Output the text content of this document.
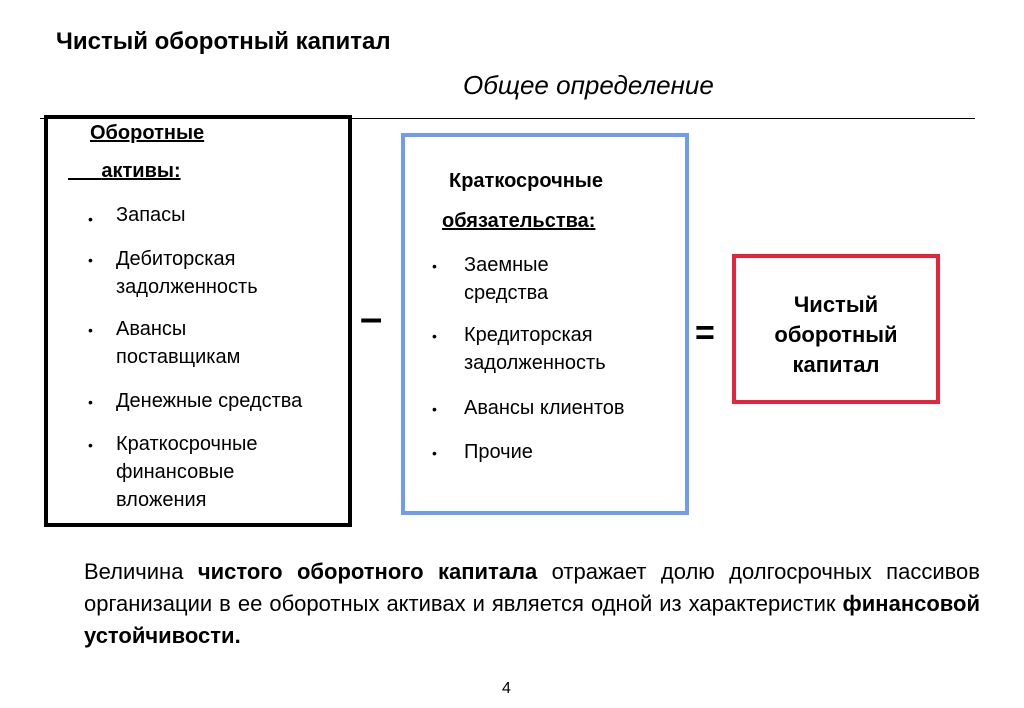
Чистый оборотный капитал
Общее определение
Оборотные
активы:
• Запасы
• Дебиторская
задолженность
• Авансы
поставщикам
• Денежные средства
• Краткосрочные
финансовые
вложения
–
Краткосрочные
обязательства:
• Заемные
средства
• Кредиторская
задолженность
• Авансы клиентов
• Прочие
=
Чистый
оборотный
капитал
Величина чистого оборотного капитала отражает долю долгосрочных пассивов организации в ее оборотных активах и является одной из характеристик финансовой устойчивости.
4
